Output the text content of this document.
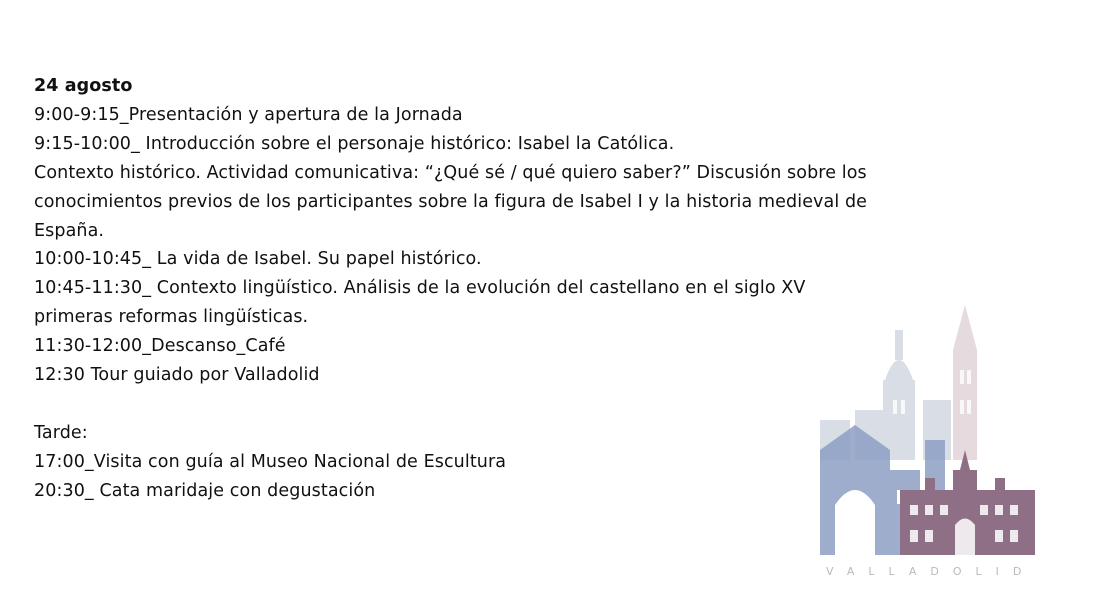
24 agosto

9:00-9:15_Presentación y apertura de la Jornada

9:15-10:00_ Introducción sobre el personaje histórico: Isabel la Católica.

Contexto histórico. Actividad comunicativa: “¿Qué sé / qué quiero saber?” Discusión sobre los conocimientos previos de los participantes sobre la figura de Isabel I y la historia medieval de España.

10:00-10:45_ La vida de Isabel. Su papel histórico.

10:45-11:30_ Contexto lingüístico. Análisis de la evolución del castellano en el siglo XV primeras reformas lingüísticas.

11:30-12:00_Descanso_Café

12:30 Tour guiado por Valladolid

Tarde:

17:00_Visita con guía al Museo Nacional de Escultura

20:30_ Cata maridaje con degustación

VALLADOLID
